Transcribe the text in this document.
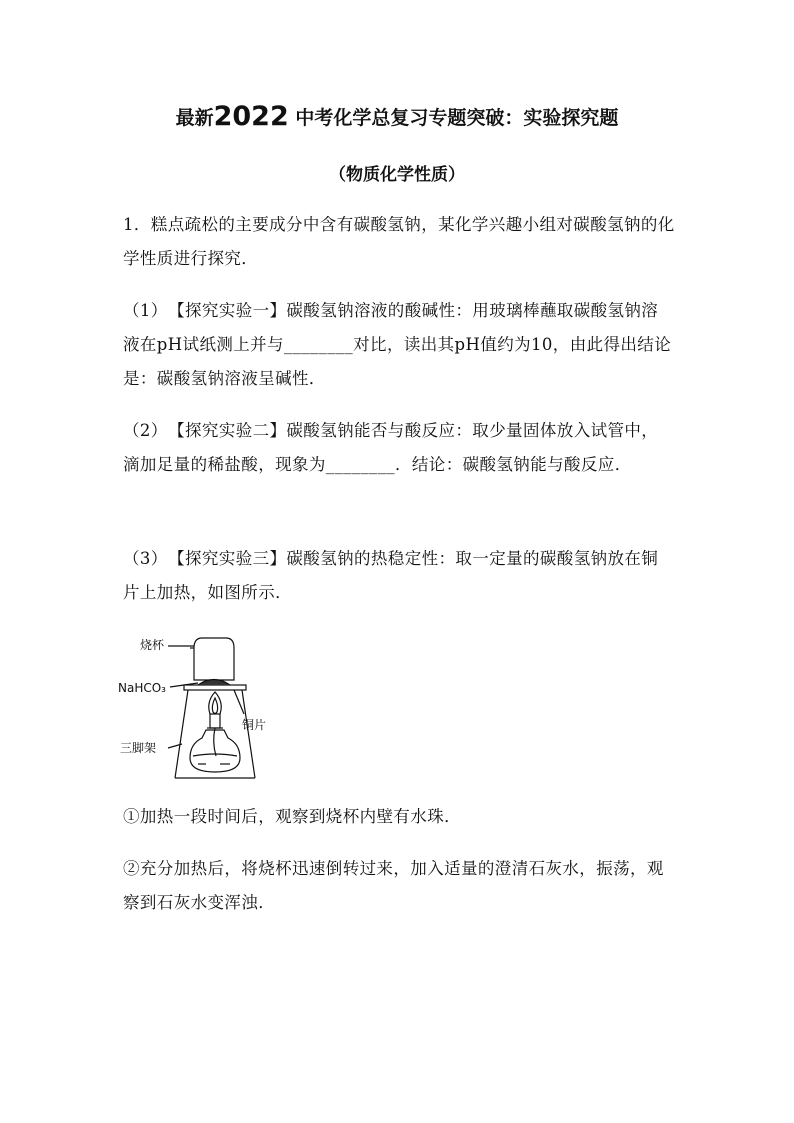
最新2022 中考化学总复习专题突破：实验探究题
（物质化学性质）
1．糕点疏松的主要成分中含有碳酸氢钠，某化学兴趣小组对碳酸氢钠的化学性质进行探究．
（1）　【探究实验一】碳酸氢钠溶液的酸碱性：用玻璃棒蘸取碳酸氢钠溶液在pH试纸测上并与________对比，读出其pH值约为10，由此得出结论是：碳酸氢钠溶液呈碱性．
（2）　【探究实验二】碳酸氢钠能否与酸反应：取少量固体放入试管中，滴加足量的稀盐酸，现象为________．结论：碳酸氢钠能与酸反应．
（3）　【探究实验三】碳酸氢钠的热稳定性：取一定量的碳酸氢钠放在铜片上加热，如图所示．
烧杯
NaHCO₃
铜片
三脚架
①加热一段时间后，观察到烧杯内壁有水珠．
②充分加热后，将烧杯迅速倒转过来，加入适量的澄清石灰水，振荡，观察到石灰水变浑浊．
